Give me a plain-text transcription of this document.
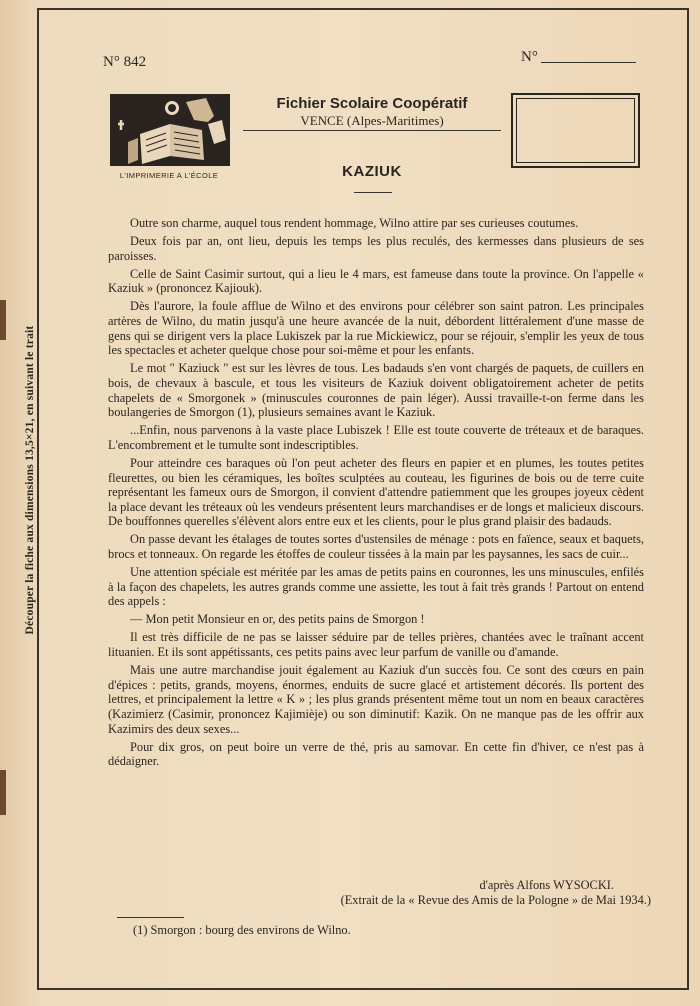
Découper la fiche aux dimensions 13,5×21, en suivant le trait
N° 842	N°
L'IMPRIMERIE A L'ÉCOLE
Fichier Scolaire Coopératif
VENCE (Alpes-Maritimes)
KAZIUK

Outre son charme, auquel tous rendent hommage, Wilno attire par ses curieuses coutumes.

Deux fois par an, ont lieu, depuis les temps les plus reculés, des kermesses dans plusieurs de ses paroisses.

Celle de Saint Casimir surtout, qui a lieu le 4 mars, est fameuse dans toute la province. On l'appelle « Kaziuk » (prononcez Kajiouk).

Dès l'aurore, la foule afflue de Wilno et des environs pour célébrer son saint patron. Les principales artères de Wilno, du matin jusqu'à une heure avancée de la nuit, débordent littéralement d'une masse de gens qui se dirigent vers la place Lukiszek par la rue Mickiewicz, pour se réjouir, s'emplir les yeux de tous les spectacles et acheter quelque chose pour soi-même et pour les enfants.

Le mot " Kaziuck " est sur les lèvres de tous. Les badauds s'en vont chargés de paquets, de cuillers en bois, de chevaux à bascule, et tous les visiteurs de Kaziuk doivent obligatoirement acheter de petits chapelets de « Smorgonek » (minuscules couronnes de pain léger). Aussi travaille-t-on ferme dans les boulangeries de Smorgon (1), plusieurs semaines avant le Kaziuk.

...Enfin, nous parvenons à la vaste place Lubiszek ! Elle est toute couverte de tréteaux et de baraques. L'encombrement et le tumulte sont indescriptibles.

Pour atteindre ces baraques où l'on peut acheter des fleurs en papier et en plumes, les toutes petites fleurettes, ou bien les céramiques, les boîtes sculptées au couteau, les figurines de bois ou de terre cuite représentant les fameux ours de Smorgon, il convient d'attendre patiemment que les groupes joyeux cèdent la place devant les tréteaux où les vendeurs présentent leurs marchandises er de longs et malicieux discours. De bouffonnes querelles s'élèvent alors entre eux et les clients, pour le plus grand plaisir des badauds.

On passe devant les étalages de toutes sortes d'ustensiles de ménage : pots en faïence, seaux et baquets, brocs et tonneaux. On regarde les étoffes de couleur tissées à la main par les paysannes, les sacs de cuir...

Une attention spéciale est méritée par les amas de petits pains en couronnes, les uns minuscules, enfilés à la façon des chapelets, les autres grands comme une assiette, les tout à fait très grands ! Partout on entend des appels :

— Mon petit Monsieur en or, des petits pains de Smorgon !

Il est très difficile de ne pas se laisser séduire par de telles prières, chantées avec le traînant accent lituanien. Et ils sont appétissants, ces petits pains avec leur parfum de vanille ou d'amande.

Mais une autre marchandise jouit également au Kaziuk d'un succès fou. Ce sont des cœurs en pain d'épices : petits, grands, moyens, énormes, enduits de sucre glacé et artistement décorés. Ils portent des lettres, et principalement la lettre « K » ; les plus grands présentent même tout un nom en beaux caractères (Kazimierz (Casimir, prononcez Kajimièje) ou son diminutif: Kazik. On ne manque pas de les offrir aux Kazimirs des deux sexes...

Pour dix gros, on peut boire un verre de thé, pris au samovar. En cette fin d'hiver, ce n'est pas à dédaigner.

d'après Alfons WYSOCKI.
(Extrait de la « Revue des Amis de la Pologne » de Mai 1934.)
(1) Smorgon : bourg des environs de Wilno.
